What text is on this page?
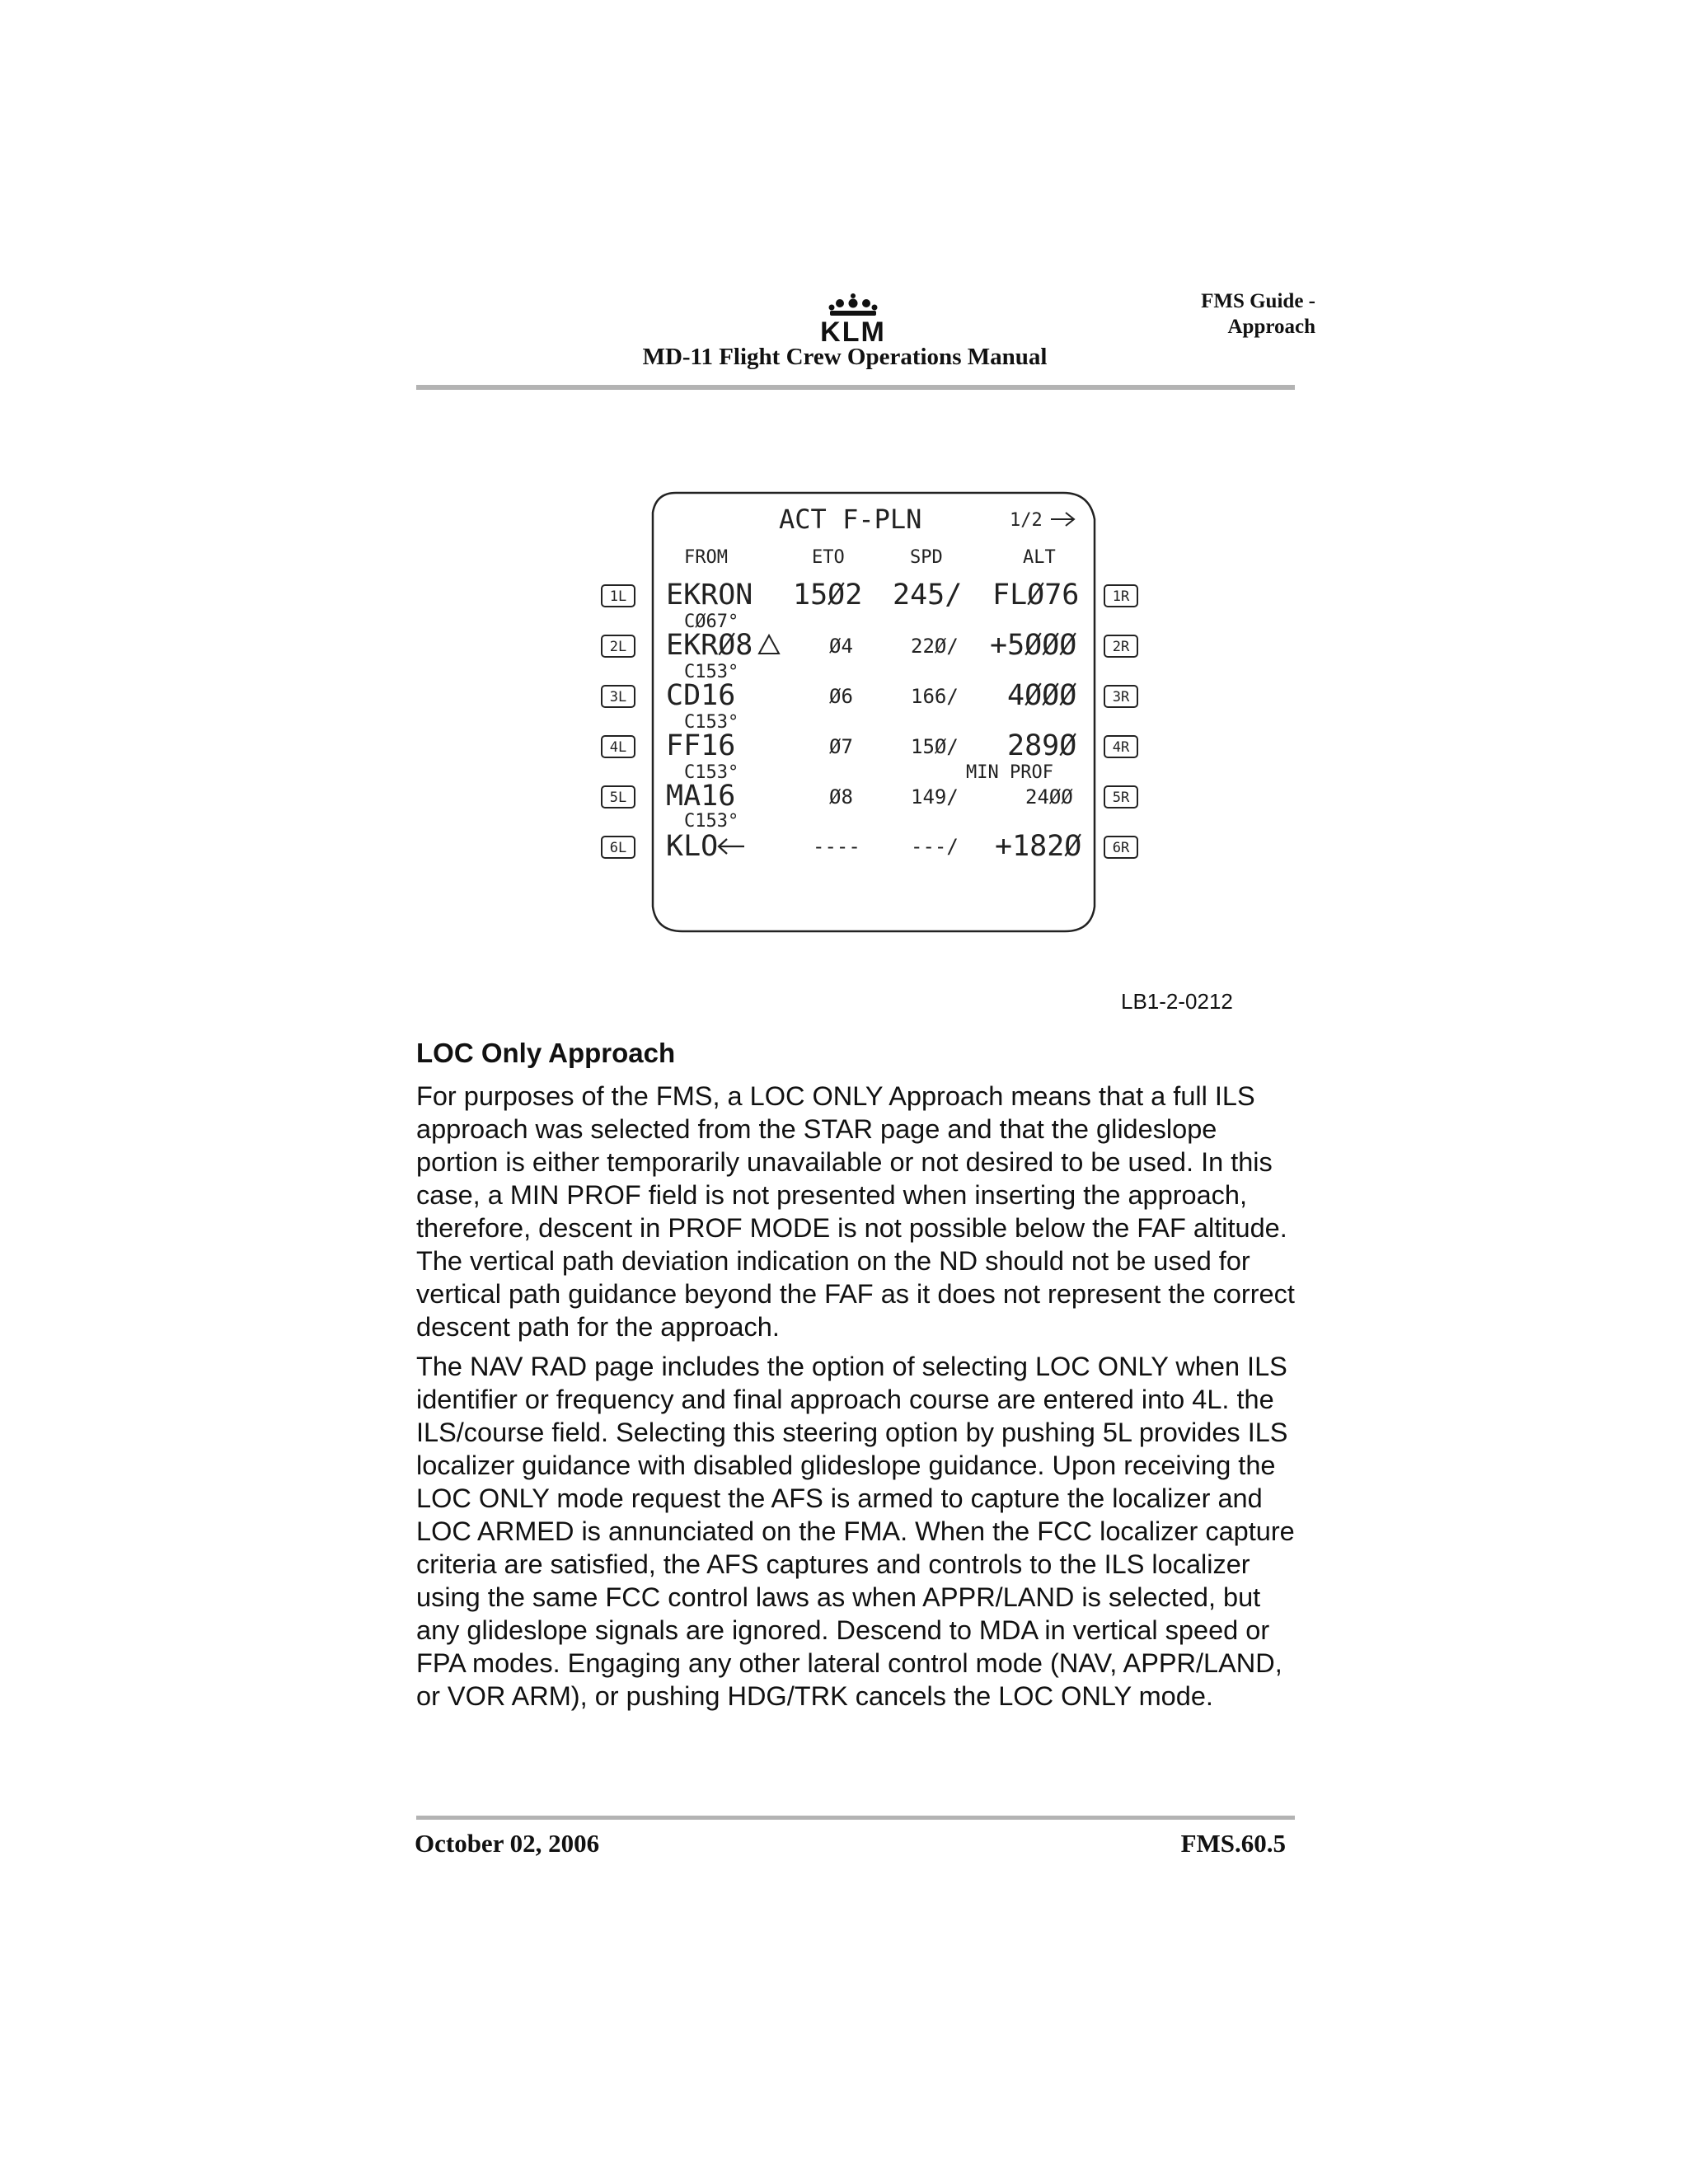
KLM
MD-11 Flight Crew Operations Manual
FMS Guide -
Approach
ACT F-PLN	1/2
FROM	ETO	SPD	ALT
EKRON 15Ø2 245/ FLØ76
CØ67°
EKRØ8	Ø4	22Ø/ +5ØØØ
C153°
CD16	Ø6	166/ 4ØØØ
C153°
FF16	Ø7	15Ø/ 289Ø
C153°	MIN PROF
MA16	Ø8	149/	24ØØ
C153°
KLO	----	---/ +182Ø
1L
2L
3L
4L
5L
6L
1R
2R
3R
4R
5R
6R
LB1-2-0212
LOC Only Approach
For purposes of the FMS, a LOC ONLY Approach means that a full ILS
approach was selected from the STAR page and that the glideslope
portion is either temporarily unavailable or not desired to be used. In this
case, a MIN PROF field is not presented when inserting the approach,
therefore, descent in PROF MODE is not possible below the FAF altitude.
The vertical path deviation indication on the ND should not be used for
vertical path guidance beyond the FAF as it does not represent the correct
descent path for the approach.
The NAV RAD page includes the option of selecting LOC ONLY when ILS
identifier or frequency and final approach course are entered into 4L. the
ILS/course field. Selecting this steering option by pushing 5L provides ILS
localizer guidance with disabled glideslope guidance. Upon receiving the
LOC ONLY mode request the AFS is armed to capture the localizer and
LOC ARMED is annunciated on the FMA. When the FCC localizer capture
criteria are satisfied, the AFS captures and controls to the ILS localizer
using the same FCC control laws as when APPR/LAND is selected, but
any glideslope signals are ignored. Descend to MDA in vertical speed or
FPA modes. Engaging any other lateral control mode (NAV, APPR/LAND,
or VOR ARM), or pushing HDG/TRK cancels the LOC ONLY mode.
October 02, 2006	FMS.60.5
